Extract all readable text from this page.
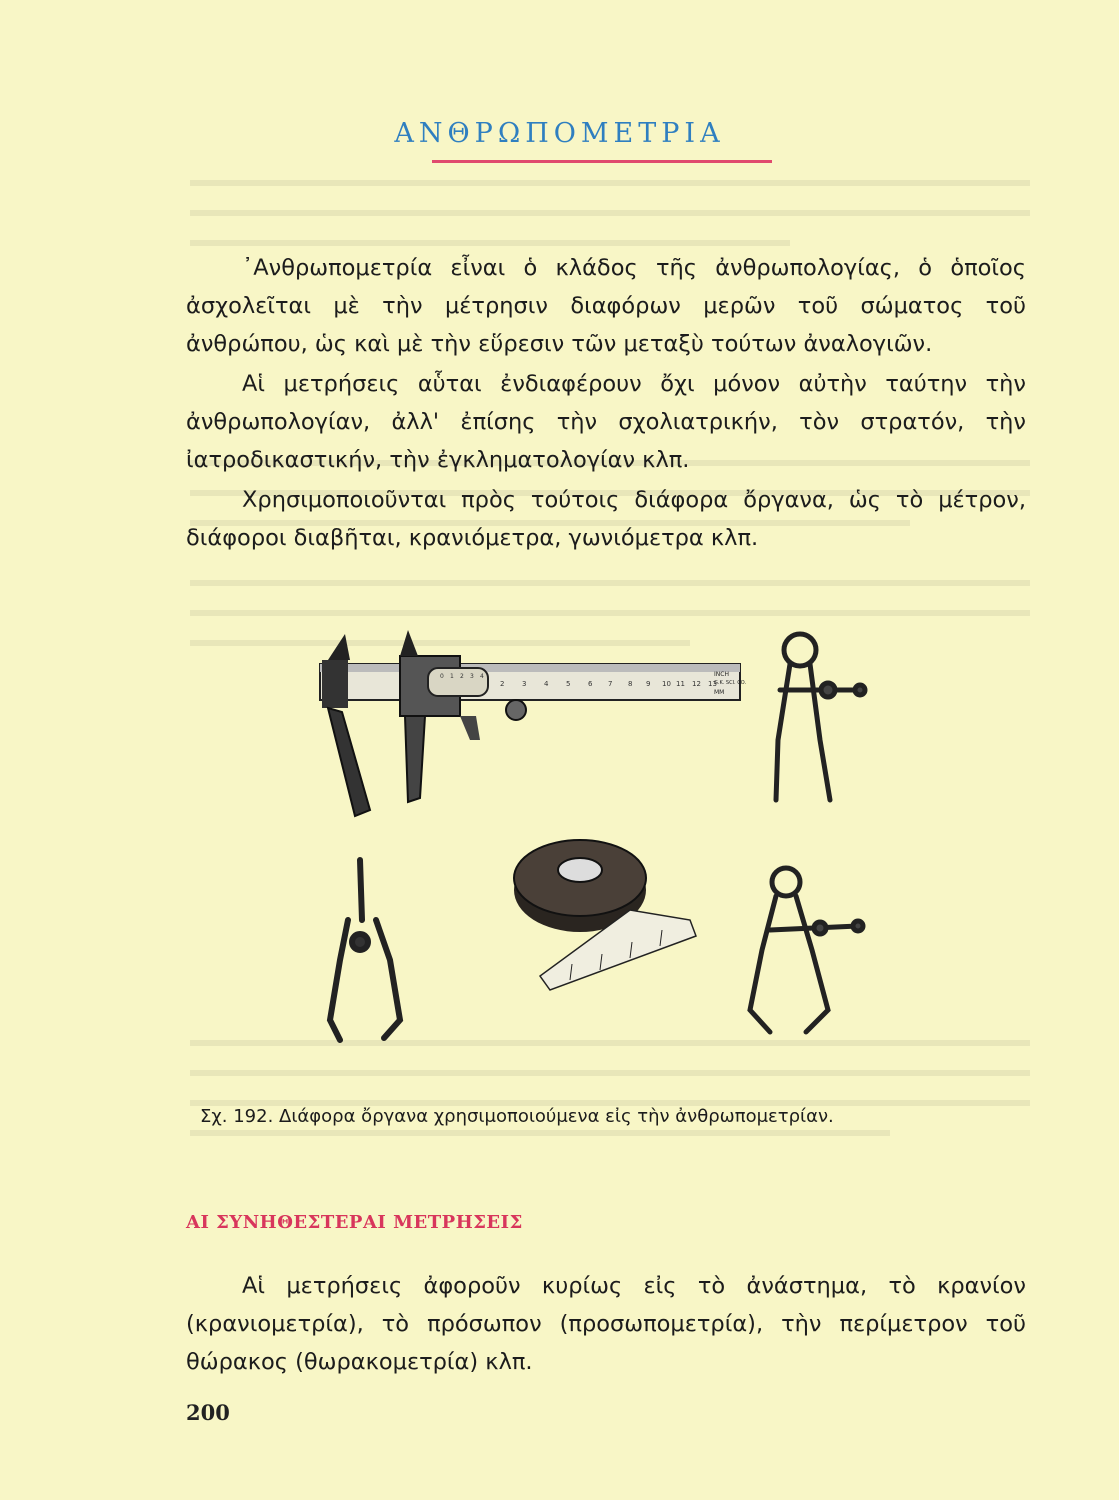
ΑΝΘΡΩΠΟΜΕΤΡΙΑ

᾿Ανθρωπομετρία εἶναι ὁ κλάδος τῆς ἀνθρωπολογίας, ὁ ὁποῖος ἀσχολεῖται μὲ τὴν μέτρησιν διαφόρων μερῶν τοῦ σώματος τοῦ ἀνθρώπου, ὡς καὶ μὲ τὴν εὕρεσιν τῶν μεταξὺ τούτων ἀναλογιῶν.

Αἱ μετρήσεις αὗται ἐνδιαφέρουν ὄχι μόνον αὐτὴν ταύτην τὴν ἀνθρωπολογίαν, ἀλλ' ἐπίσης τὴν σχολιατρικήν, τὸν στρατόν, τὴν ἰατροδικαστικήν, τὴν ἐγκληματολογίαν κλπ.

Χρησιμοποιοῦνται πρὸς τούτοις διάφορα ὄργανα, ὡς τὸ μέτρον, διάφοροι διαβῆται, κρανιόμετρα, γωνιόμετρα κλπ.

2	3	4	5	6 7 8 9 10 11 12 13
0 1 2 3 4	INCH
G.K. SCI. CO.
MM
Σχ. 192. Διάφορα ὄργανα χρησιμοποιούμενα εἰς τὴν ἀνθρωπομετρίαν.
ΑΙ ΣΥΝΗΘΕΣΤΕΡΑΙ ΜΕΤΡΗΣΕΙΣ

Αἱ μετρήσεις ἀφοροῦν κυρίως εἰς τὸ ἀνάστημα, τὸ κρανίον (κρανιομετρία), τὸ πρόσωπον (προσωπομετρία), τὴν περίμετρον τοῦ θώρακος (θωρακομετρία) κλπ.

200
